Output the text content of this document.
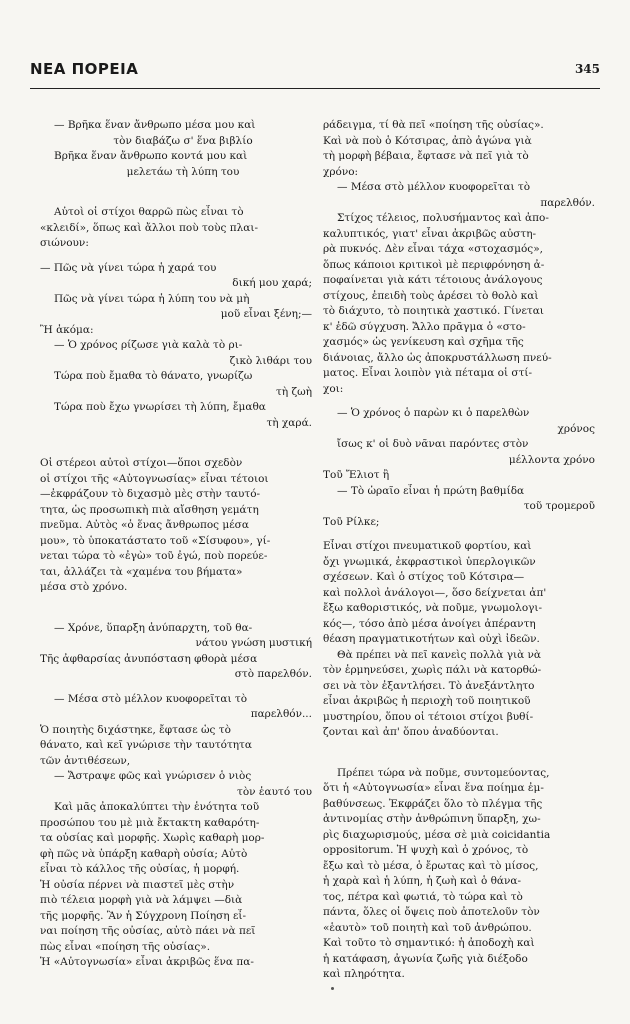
ΝΕΑ ΠΟΡΕΙΑ	345
— Βρῆκα ἕναν ἄνθρωπο μέσα μου καὶ
τὸν διαβάζω σ' ἕνα βιβλίο
Βρῆκα ἕναν ἄνθρωπο κοντά μου καὶ
μελετάω τὴ λύπη του
Αὐτοὶ οἱ στίχοι θαρρῶ πὼς εἶναι τὸ
«κλειδί», ὅπως καὶ ἄλλοι ποὺ τοὺς πλαι-
σιώνουν:
— Πῶς νὰ γίνει τώρα ἡ χαρά του
δική μου χαρά;
Πῶς νὰ γίνει τώρα ἡ λύπη του νὰ μὴ
μοῦ εἶναι ξένη;—
Ἢ ἀκόμα:
— Ὁ χρόνος ρίζωσε γιὰ καλὰ τὸ ρι-
ζικὸ λιθάρι του
Τώρα ποὺ ἔμαθα τὸ θάνατο, γνωρίζω
τὴ ζωὴ
Τώρα ποὺ ἔχω γνωρίσει τὴ λύπη, ἔμαθα
τὴ χαρά.
Οἱ στέρεοι αὐτοὶ στίχοι—ὅποι σχεδὸν
οἱ στίχοι τῆς «Αὐτογνωσίας» εἶναι τέτοιοι
—ἐκφράζουν τὸ διχασμὸ μὲς στὴν ταυτό-
τητα, ὡς προσωπικὴ πιὰ αἴσθηση γεμάτη
πνεῦμα. Αὐτὸς «ὁ ἕνας ἄνθρωπος μέσα
μου», τὸ ὑποκατάστατο τοῦ «Σίσυφου», γί-
νεται τώρα τὸ «ἐγὼ» τοῦ ἐγώ, ποὺ πορεύε-
ται, ἀλλάζει τὰ «χαμένα του βήματα»
μέσα στὸ χρόνο.
— Χρόνε, ὕπαρξη ἀνύπαρχτη, τοῦ θα-
νάτου γνώση μυστική
Τῆς ἀφθαρσίας ἀνυπόσταση φθορὰ μέσα
στὸ παρελθόν.
— Μέσα στὸ μέλλον κυοφορεῖται τὸ
παρελθόν...
Ὁ ποιητὴς διχάστηκε, ἔφτασε ὡς τὸ
θάνατο, καὶ κεῖ γνώρισε τὴν ταυτότητα
τῶν ἀντιθέσεων,
— Ἄστραψε φῶς καὶ γνώρισεν ὁ νιὸς
τὸν ἑαυτό του
Καὶ μᾶς ἀποκαλύπτει τὴν ἑνότητα τοῦ
προσώπου του μὲ μιὰ ἔκτακτη καθαρότη-
τα οὐσίας καὶ μορφῆς. Χωρὶς καθαρὴ μορ-
φὴ πῶς νὰ ὑπάρξη καθαρὴ οὐσία; Αὐτὸ
εἶναι τὸ κάλλος τῆς οὐσίας, ἡ μορφή.
Ἡ οὐσία πέρνει νὰ πιαστεῖ μὲς στὴν
πιὸ τέλεια μορφὴ γιὰ νὰ λάμψει —διὰ
τῆς μορφῆς. Ἂν ἡ Σύγχρονη Ποίηση εἶ-
ναι ποίηση τῆς οὐσίας, αὐτὸ πάει νὰ πεῖ
πὼς εἶναι «ποίηση τῆς οὐσίας».
Ἡ «Αὐτογνωσία» εἶναι ἀκριβῶς ἕνα πα-
ράδειγμα, τί θὰ πεῖ «ποίηση τῆς οὐσίας».
Καὶ νὰ ποὺ ὁ Κότσιρας, ἀπὸ ἀγώνα γιὰ
τὴ μορφὴ βέβαια, ἔφτασε νὰ πεῖ γιὰ τὸ
χρόνο:
— Μέσα στὸ μέλλον κυοφορεῖται τὸ
παρελθόν.
Στίχος τέλειος, πολυσήμαντος καὶ ἀπο-
καλυπτικός, γιατ' εἶναι ἀκριβῶς αὐστη-
ρὰ πυκνός. Δὲν εἶναι τάχα «στοχασμός»,
ὅπως κάποιοι κριτικοὶ μὲ περιφρόνηση ἀ-
ποφαίνεται γιὰ κάτι τέτοιους ἀνάλογους
στίχους, ἐπειδὴ τοὺς ἀρέσει τὸ θολὸ καὶ
τὸ διάχυτο, τὸ ποιητικὰ χαστικό. Γίνεται
κ' ἐδῶ σύγχυση. Ἄλλο πρᾶγμα ὁ «στο-
χασμός» ὡς γενίκευση καὶ σχῆμα τῆς
διάνοιας, ἄλλο ὡς ἀποκρυστάλλωση πνεύ-
ματος. Εἶναι λοιπὸν γιὰ πέταμα οἱ στί-
χοι:
— Ὁ χρόνος ὁ παρὼν κι ὁ παρελθὼν
χρόνος
ἴσως κ' οἱ δυὸ νᾶναι παρόντες στὸν
μέλλοντα χρόνο
Τοῦ Ἔλιοτ ἢ
— Τὸ ὡραῖο εἶναι ἡ πρώτη βαθμίδα
τοῦ τρομεροῦ
Τοῦ Ρίλκε;
Εἶναι στίχοι πνευματικοῦ φορτίου, καὶ
ὄχι γνωμικά, ἐκφραστικοὶ ὑπερλογικῶν
σχέσεων. Καὶ ὁ στίχος τοῦ Κότσιρα—
καὶ πολλοὶ ἀνάλογοι—, ὅσο δείχνεται ἀπ'
ἔξω καθοριστικός, νὰ ποῦμε, γνωμολογι-
κός—, τόσο ἀπὸ μέσα ἀνοίγει ἀπέραντη
θέαση πραγματικοτήτων καὶ οὐχὶ ἰδεῶν.
Θὰ πρέπει νὰ πεῖ κανεὶς πολλὰ γιὰ νὰ
τὸν ἑρμηνεύσει, χωρὶς πάλι νὰ κατορθώ-
σει νὰ τὸν ἐξαντλήσει. Τὸ ἀνεξάντλητο
εἶναι ἀκριβῶς ἡ περιοχὴ τοῦ ποιητικοῦ
μυστηρίου, ὅπου οἱ τέτοιοι στίχοι βυθί-
ζονται καὶ ἀπ' ὅπου ἀναδύονται.
Πρέπει τώρα νὰ ποῦμε, συντομεύοντας,
ὅτι ἡ «Αὐτογνωσία» εἶναι ἕνα ποίημα ἐμ-
βαθύνσεως. Ἐκφράζει ὅλο τὸ πλέγμα τῆς
ἀντινομίας στὴν ἀνθρώπινη ὕπαρξη, χω-
ρὶς διαχωρισμούς, μέσα σὲ μιὰ coicidantia
oppositorum. Ἡ ψυχὴ καὶ ὁ χρόνος, τὸ
ἔξω καὶ τὸ μέσα, ὁ ἔρωτας καὶ τὸ μίσος,
ἡ χαρὰ καὶ ἡ λύπη, ἡ ζωὴ καὶ ὁ θάνα-
τος, πέτρα καὶ φωτιά, τὸ τώρα καὶ τὸ
πάντα, ὅλες οἱ ὄψεις ποὺ ἀποτελοῦν τὸν
«ἑαυτὸ» τοῦ ποιητὴ καὶ τοῦ ἀνθρώπου.
Καὶ τοῦτο τὸ σημαντικό: ἡ ἀποδοχὴ καὶ
ἡ κατάφαση, ἀγωνία ζωῆς γιὰ διέξοδο
καὶ πληρότητα.
